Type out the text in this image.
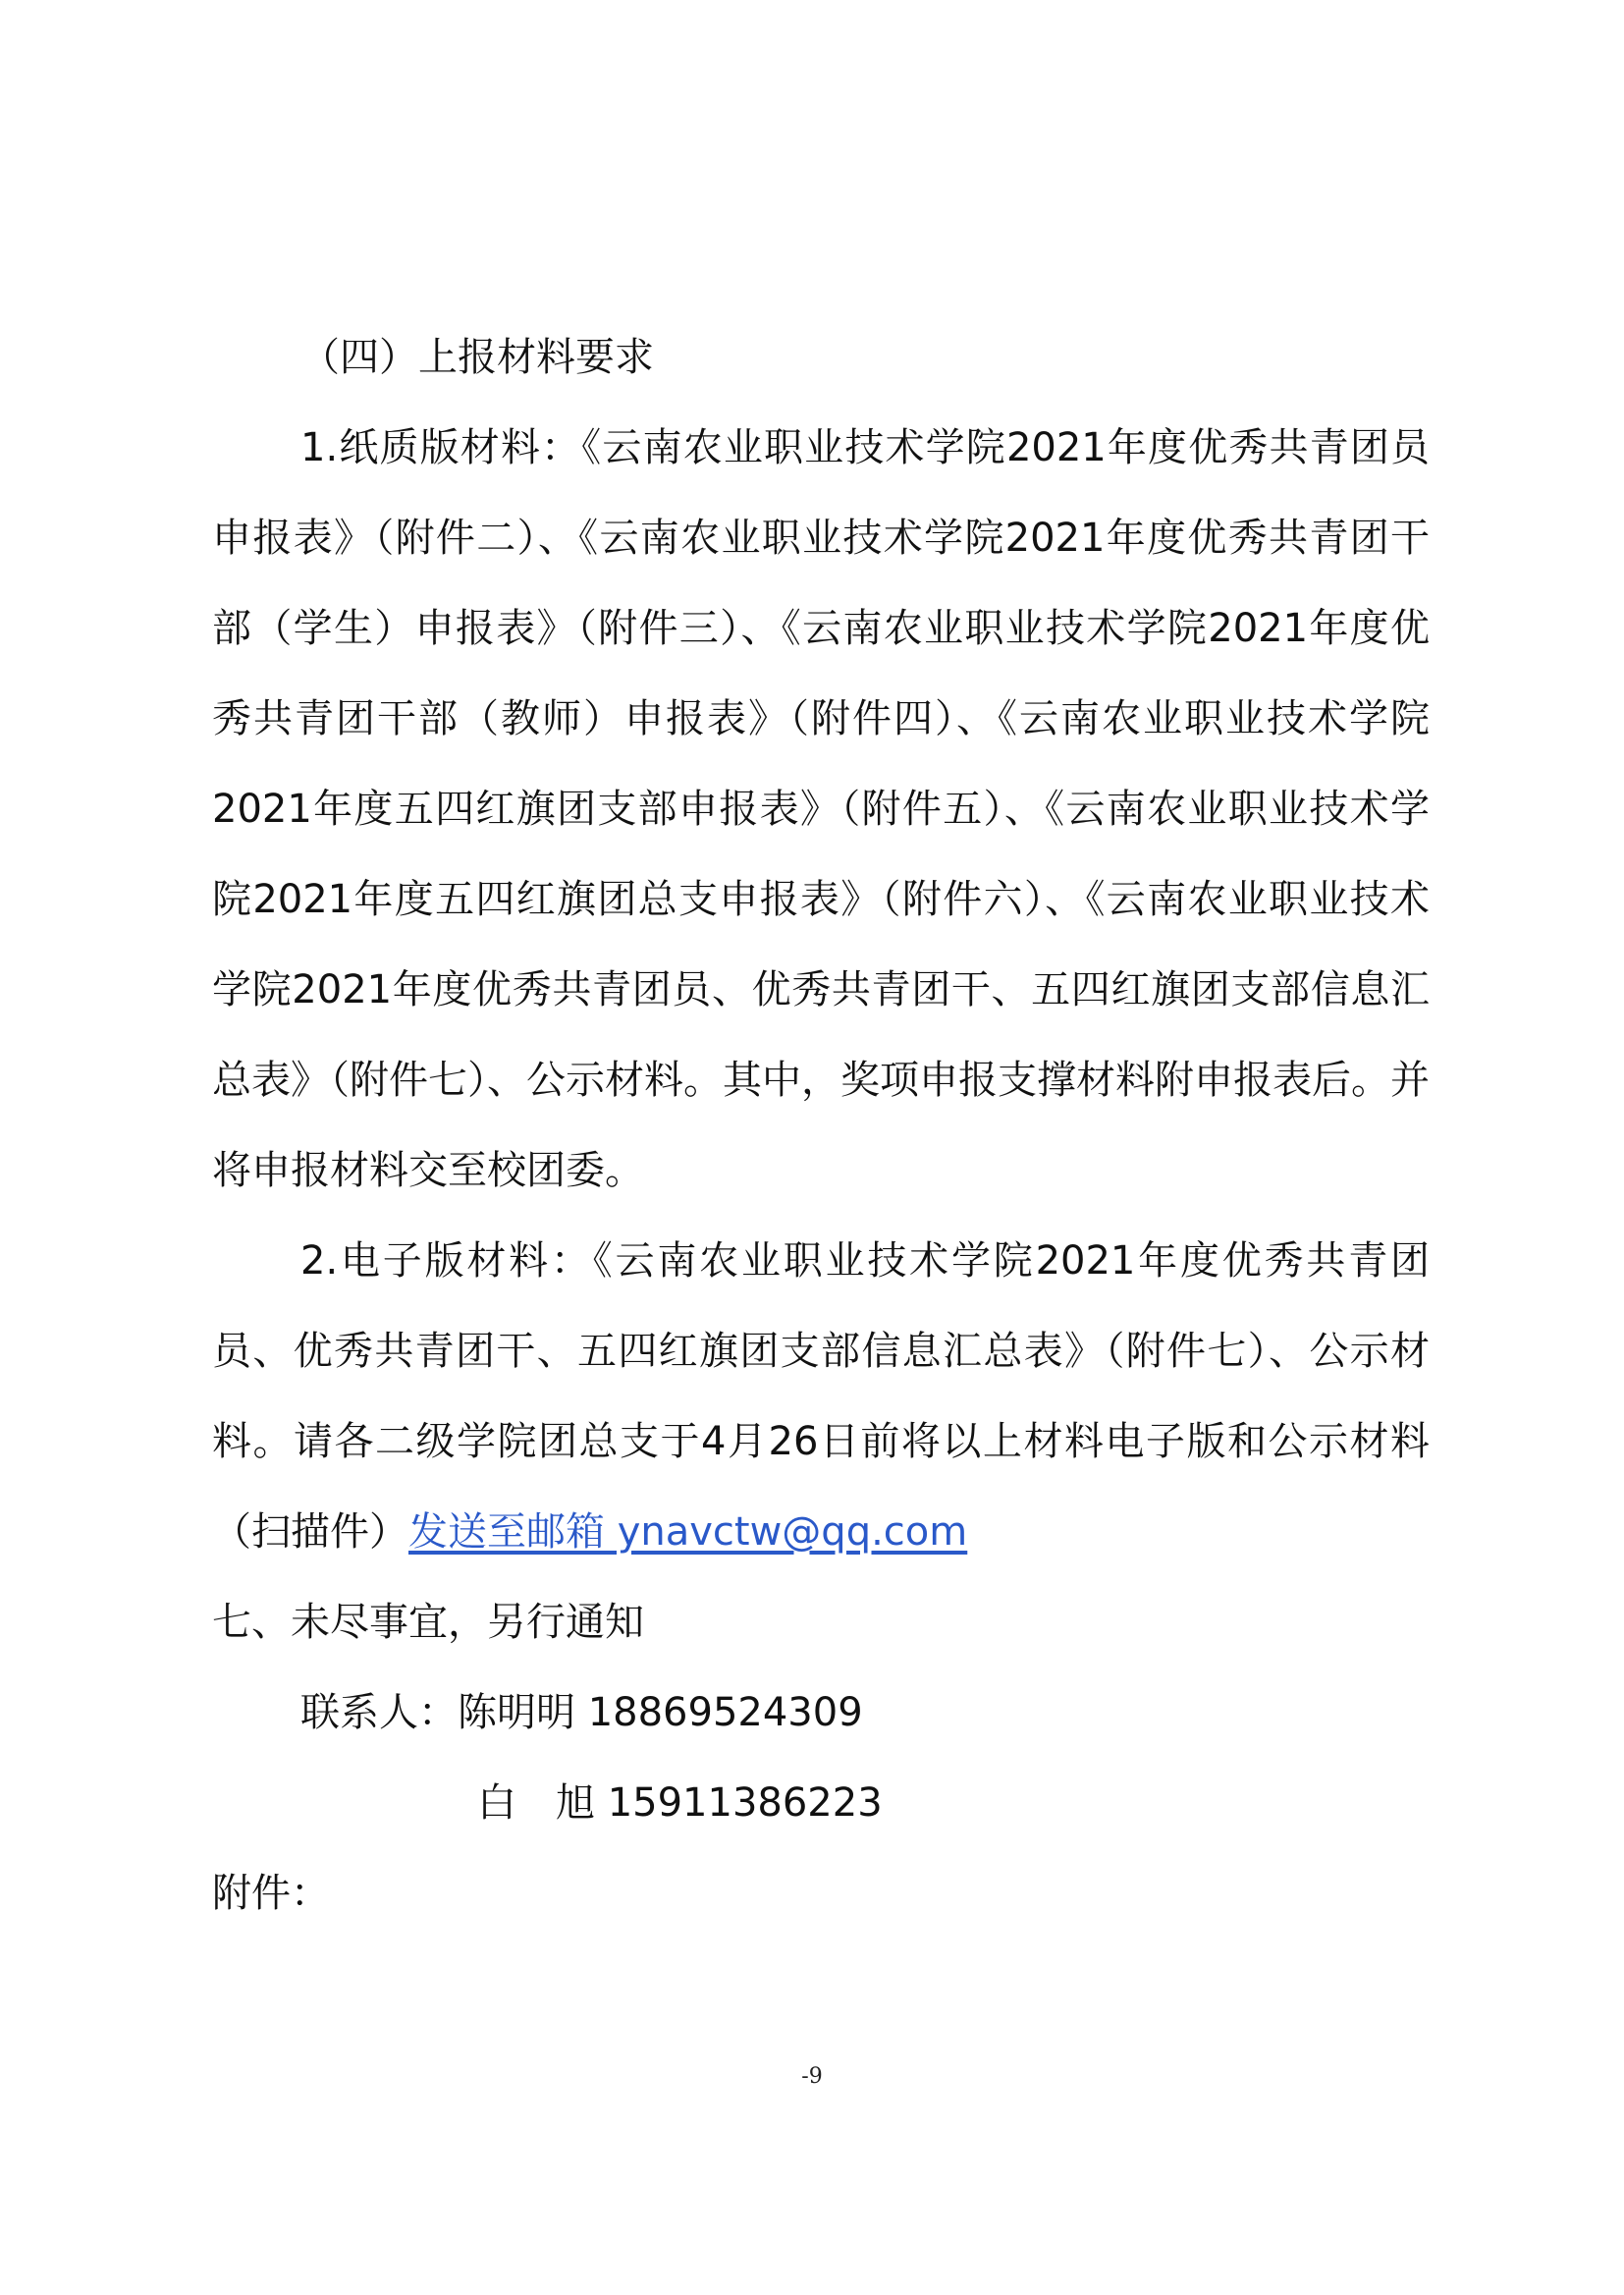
（四）上报材料要求

1.纸质版材料：《云南农业职业技术学院2021年度优秀共青团员申报表》（附件二）、《云南农业职业技术学院2021年度优秀共青团干部（学生）申报表》（附件三）、《云南农业职业技术学院2021年度优秀共青团干部（教师）申报表》（附件四）、《云南农业职业技术学院2021年度五四红旗团支部申报表》（附件五）、《云南农业职业技术学院2021年度五四红旗团总支申报表》（附件六）、《云南农业职业技术学院2021年度优秀共青团员、优秀共青团干、五四红旗团支部信息汇总表》（附件七）、公示材料。其中，奖项申报支撑材料附申报表后。并将申报材料交至校团委。

2.电子版材料：《云南农业职业技术学院2021年度优秀共青团员、优秀共青团干、五四红旗团支部信息汇总表》（附件七）、公示材料。请各二级学院团总支于4月26日前将以上材料电子版和公示材料（扫描件）发送至邮箱 ynavctw@qq.com

七、未尽事宜，另行通知

联系人：陈明明 18869524309

白　旭 15911386223

附件：

-9
